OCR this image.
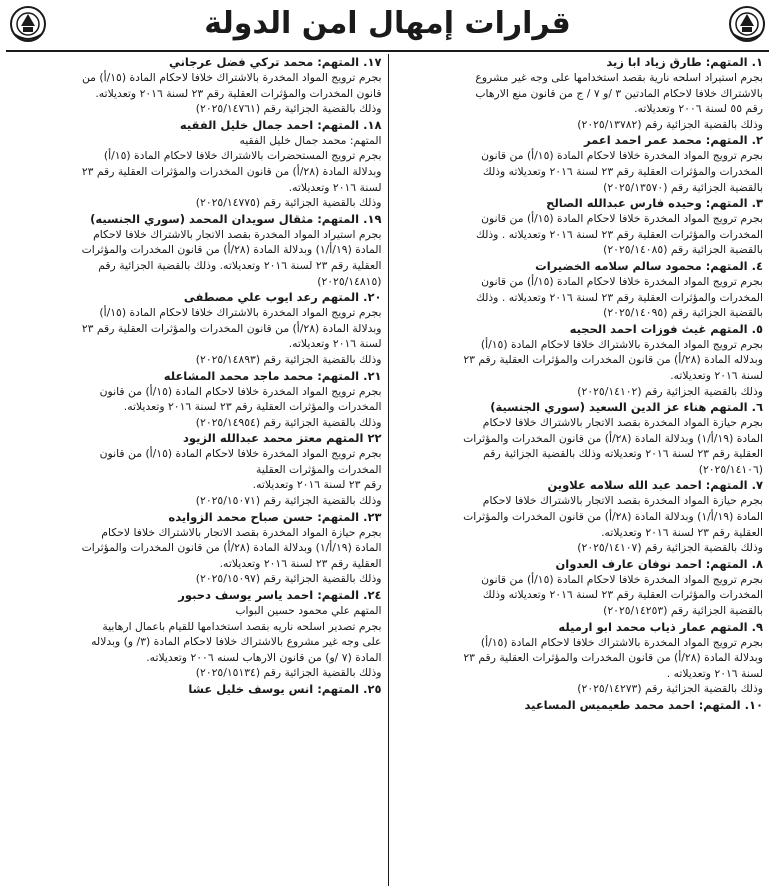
قرارات إمهال امن الدولة
١. المتهم: طارق زياد ابا زيد
بجرم استيراد اسلحه نارية بقصد استخدامها على وجه غير مشروع
بالاشتراك خلافا لاحكام المادتين ٣ /و ٧ / ج من قانون منع الارهاب
رقم ٥٥ لسنة ٢٠٠٦ وتعديلاته.
وذلك بالقضية الجزائية رقم (٢٠٢٥/١٣٧٨٢)
٢. المتهم: محمد عمر احمد اعمر
بجرم ترويج المواد المخدرة خلافا لاحكام المادة (١٥/أ) من قانون
المخدرات والمؤثرات العقلية رقم ٢٣ لسنة ٢٠١٦ وتعديلاته وذلك
بالقضية الجزائية رقم (٢٠٢٥/١٣٥٧٠)
٣. المتهم: وحيده فارس عبدالله الصالح
بجرم ترويج المواد المخدرة خلافا لاحكام المادة (١٥/أ) من قانون
المخدرات والمؤثرات العقلية رقم ٢٣ لسنة ٢٠١٦ وتعديلاته . وذلك
بالقضية الجزائية رقم (٢٠٢٥/١٤٠٨٥)
٤. المتهم: محمود سالم سلامه الخضيرات
بجرم ترويج المواد المخدرة خلافا لاحكام المادة (١٥/أ) من قانون
المخدرات والمؤثرات العقلية رقم ٢٣ لسنة ٢٠١٦ وتعديلاته . وذلك
بالقضية الجزائية رقم (٢٠٢٥/١٤٠٩٥)
٥. المتهم غيث فوزات احمد الحجيه
بجرم ترويج المواد المخدرة بالاشتراك خلافا لاحكام المادة (١٥/أ)
وبدلاله المادة (٢٨/أ) من قانون المخدرات والمؤثرات العقلية رقم ٢٣
لسنة ٢٠١٦ وتعديلاته.
وذلك بالقضية الجزائية رقم (٢٠٢٥/١٤١٠٢)
٦. المتهم هناء عز الدين السعيد (سوري الجنسية)
بجرم حيازة المواد المخدرة بقصد الاتجار بالاشتراك خلافا لاحكام
المادة (١٩/أ/١) وبدلالة المادة (٢٨/أ) من قانون المخدرات والمؤثرات
العقلية رقم ٢٣ لسنة ٢٠١٦ وتعديلاته وذلك بالقضية الجزائية رقم
(٢٠٢٥/١٤١٠٦)
٧. المتهم: احمد عبد الله سلامه علاوين
بجرم حيازة المواد المخدرة بقصد الاتجار بالاشتراك خلافا لاحكام
المادة (١٩/أ/١) وبدلالة المادة (٢٨/أ) من قانون المخدرات والمؤثرات
العقلية رقم ٢٣ لسنة ٢٠١٦ وتعديلاته.
وذلك بالقضية الجزائية رقم (٢٠٢٥/١٤١٠٧)
٨. المتهم: احمد نوفان عارف العدوان
بجرم ترويج المواد المخدرة خلافا لاحكام المادة (١٥/أ) من قانون
المخدرات والمؤثرات العقلية رقم ٢٣ لسنة ٢٠١٦ وتعديلاته وذلك
بالقضية الجزائية رقم (٢٠٢٥/١٤٢٥٣)
٩. المتهم عمار ذياب محمد ابو ارميله
بجرم ترويج المواد المخدرة بالاشتراك خلافا لاحكام المادة (١٥/أ)
وبدلالة المادة (٢٨/أ) من قانون المخدرات والمؤثرات العقلية رقم ٢٣
لسنة ٢٠١٦ وتعديلاته .
وذلك بالقضية الجزائية رقم (٢٠٢٥/١٤٢٧٣)
١٠. المتهم: احمد محمد طعيميس المساعيد
١٧. المتهم: محمد تركي فضل عرجاني
بجرم ترويج المواد المخدرة بالاشتراك خلافا لاحكام المادة (١٥/أ) من
قانون المخدرات والمؤثرات العقلية رقم ٢٣ لسنة ٢٠١٦ وتعديلاته.
وذلك بالقضية الجزائية رقم (٢٠٢٥/١٤٧٦١)
١٨. المتهم: احمد جمال خليل الفقيه
المتهم: محمد جمال خليل الفقيه
بجرم ترويج المستحضرات بالاشتراك خلافا لاحكام المادة (١٥/أ)
وبدلالة المادة (٢٨/أ) من قانون المخدرات والمؤثرات العقلية رقم ٢٣
لسنة ٢٠١٦ وتعديلاته.
وذلك بالقضية الجزائية رقم (٢٠٢٥/١٤٧٧٥)
١٩. المتهم: مثقال سويدان المحمد (سوري الجنسيه)
بجرم استيراد المواد المخدرة بقصد الاتجار بالاشتراك خلافا لاحكام
المادة (١٩/أ/١) وبدلالة المادة (٢٨/أ) من قانون المخدرات والمؤثرات
العقلية رقم ٢٣ لسنة ٢٠١٦ وتعديلاته. وذلك بالقضية الجزائية رقم
(٢٠٢٥/١٤٨١٥)
٢٠. المتهم رعد ايوب علي مصطفى
بجرم ترويج المواد المخدرة بالاشتراك خلافا لاحكام المادة (١٥/أ)
وبدلالة المادة (٢٨/أ) من قانون المخدرات والمؤثرات العقلية رقم ٢٣
لسنة ٢٠١٦ وتعديلاته.
وذلك بالقضية الجزائية رقم (٢٠٢٥/١٤٨٩٣)
٢١. المتهم: محمد ماجد محمد المشاعله
بجرم ترويج المواد المخدرة خلافا لاحكام المادة (١٥/أ) من قانون
المخدرات والمؤثرات العقلية رقم ٢٣ لسنة ٢٠١٦ وتعديلاته.
وذلك بالقضية الجزائية رقم (٢٠٢٥/١٤٩٥٤)
٢٢ المتهم معتز محمد عبدالله الزيود
بجرم ترويج المواد المخدرة خلافا لاحكام المادة (١٥/أ) من قانون
المخدرات والمؤثرات العقلية
رقم ٢٣ لسنة ٢٠١٦ وتعديلاته.
وذلك بالقضية الجزائية رقم (٢٠٢٥/١٥٠٧١)
٢٣. المتهم: حسن صباح محمد الزوايده
بجرم حيازة المواد المخدرة بقصد الاتجار بالاشتراك خلافا لاحكام
المادة (١٩/أ/١) وبدلالة المادة (٢٨/أ) من قانون المخدرات والمؤثرات
العقلية رقم ٢٣ لسنة ٢٠١٦ وتعديلاته.
وذلك بالقضية الجزائية رقم (٢٠٢٥/١٥٠٩٧)
٢٤. المتهم: احمد ياسر يوسف دحبور
المتهم علي محمود حسين البواب
بجرم تصدير اسلحه ناريه بقصد استخدامها للقيام باعمال ارهابية
على وجه غير مشروع بالاشتراك خلافا لاحكام المادة (٣/ و) وبدلاله
المادة (٧ /و) من قانون الارهاب لسنه ٢٠٠٦ وتعديلاته.
وذلك بالقضية الجزائية رقم (٢٠٢٥/١٥١٣٤)
٢٥. المتهم: انس يوسف خليل عشا
